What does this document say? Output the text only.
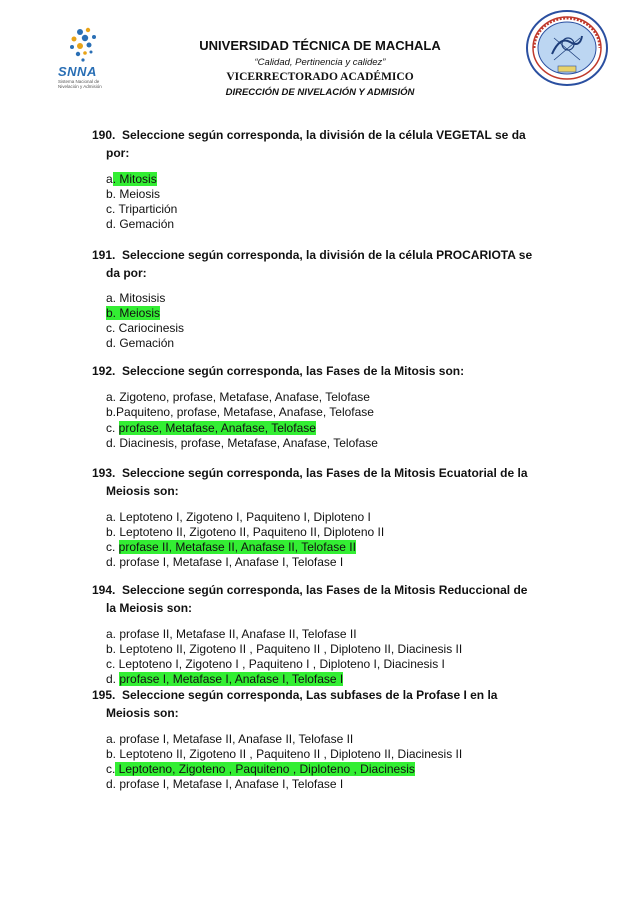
SNNA
Sistema Nacional de
Nivelación y Admisión
UNIVERSIDAD TÉCNICA DE MACHALA
“Calidad, Pertinencia y calidez”
VICERRECTORADO ACADÉMICO
DIRECCIÓN DE NIVELACIÓN Y ADMISIÓN
190. Seleccione según corresponda, la división de la célula VEGETAL se da
por:
a. Mitosis
b. Meiosis
c. Tripartición
d. Gemación
191. Seleccione según corresponda, la división de la célula PROCARIOTA se
da por:
a. Mitosisis
b. Meiosis
c. Cariocinesis
d. Gemación
192. Seleccione según corresponda, las Fases de la Mitosis son:
a. Zigoteno, profase, Metafase, Anafase, Telofase
b.Paquiteno, profase, Metafase, Anafase, Telofase
c. profase, Metafase, Anafase, Telofase
d. Diacinesis, profase, Metafase, Anafase, Telofase
193. Seleccione según corresponda, las Fases de la Mitosis Ecuatorial de la
Meiosis son:
a. Leptoteno I, Zigoteno I, Paquiteno I, Diploteno I
b. Leptoteno II, Zigoteno II, Paquiteno II, Diploteno II
c. profase II, Metafase II, Anafase II, Telofase II
d. profase I, Metafase I, Anafase I, Telofase I
194. Seleccione según corresponda, las Fases de la Mitosis Reduccional de
la Meiosis son:
a. profase II, Metafase II, Anafase II, Telofase II
b. Leptoteno II, Zigoteno II , Paquiteno II , Diploteno II, Diacinesis II
c. Leptoteno I, Zigoteno I , Paquiteno I , Diploteno I, Diacinesis I
d. profase I, Metafase I, Anafase I, Telofase I
195. Seleccione según corresponda, Las subfases de la Profase I en la
Meiosis son:
a. profase I, Metafase II, Anafase II, Telofase II
b. Leptoteno II, Zigoteno II , Paquiteno II , Diploteno II, Diacinesis II
c. Leptoteno, Zigoteno , Paquiteno , Diploteno , Diacinesis
d. profase I, Metafase I, Anafase I, Telofase I
